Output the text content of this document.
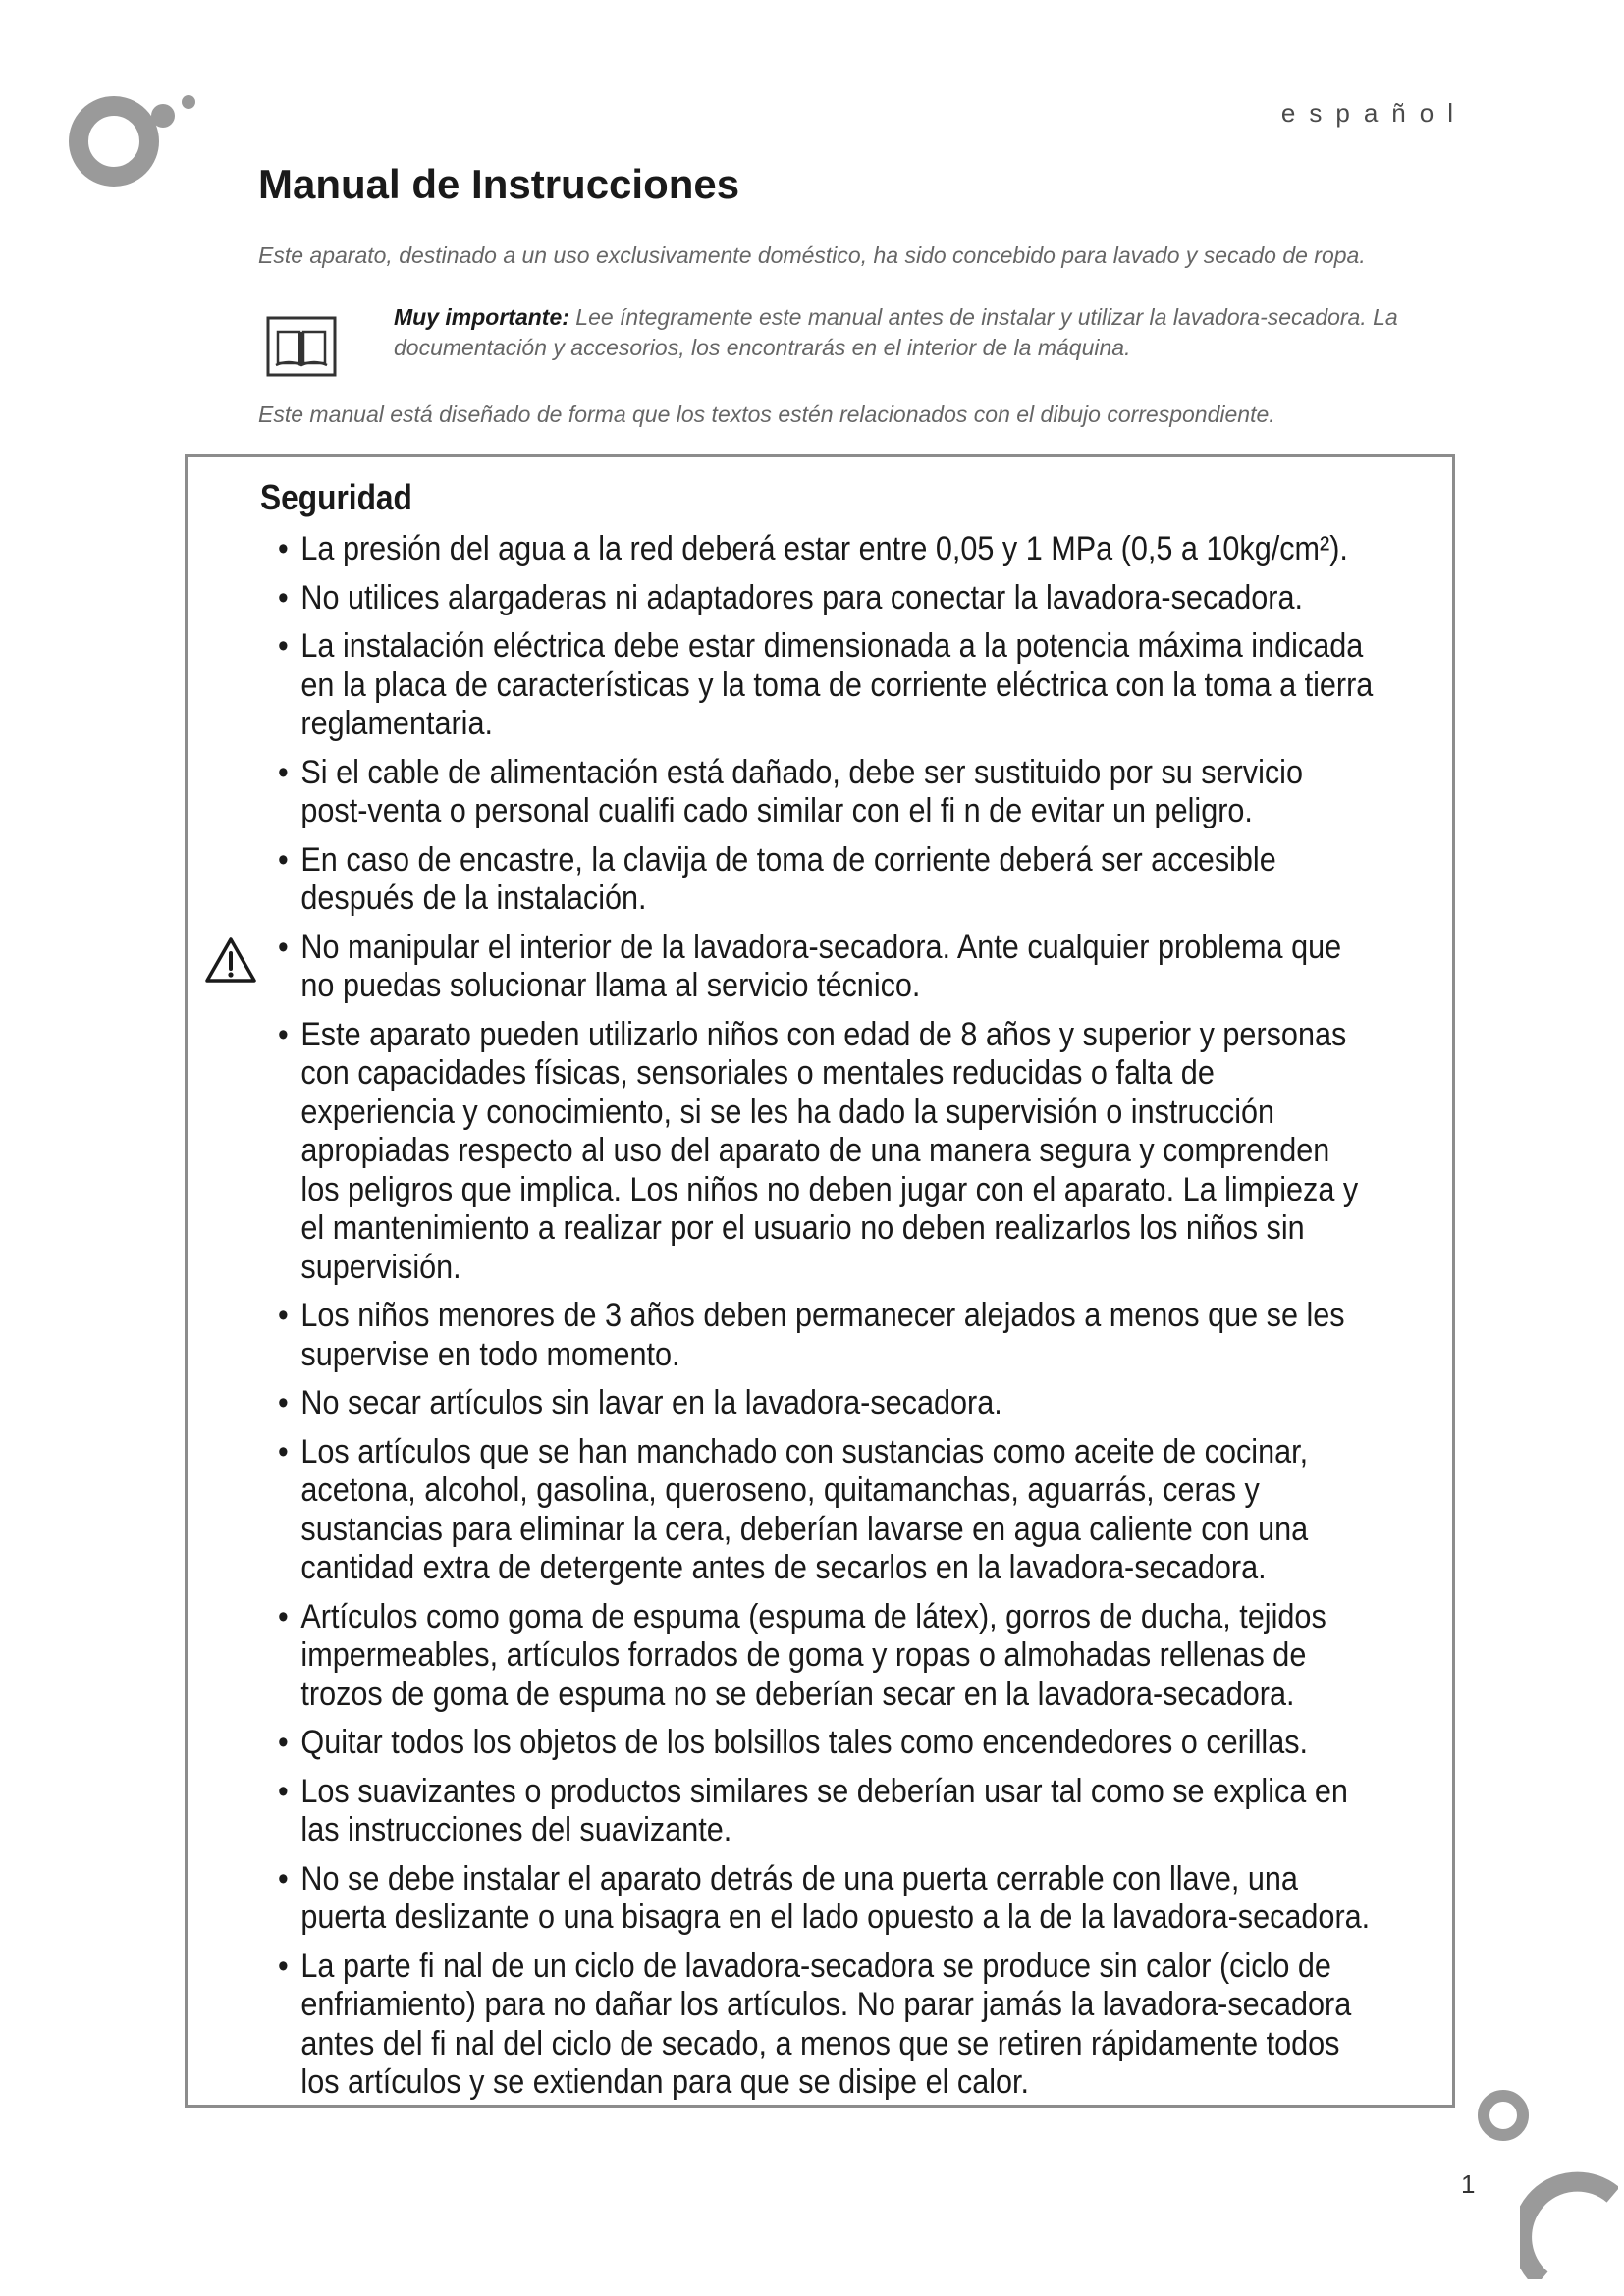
español
Manual de Instrucciones

Este aparato, destinado a un uso exclusivamente doméstico, ha sido concebido para lavado y secado de ropa.

Muy importante: Lee íntegramente este manual antes de instalar y utilizar la lavadora-secadora. La documentación y accesorios, los encontrarás en el interior de la máquina.

Este manual está diseñado de forma que los textos estén relacionados con el dibujo correspondiente.

Seguridad
• La presión del agua a la red deberá estar entre 0,05 y 1 MPa (0,5 a 10kg/cm²).
• No utilices alargaderas ni adaptadores para conectar la lavadora-secadora.
• La instalación eléctrica debe estar dimensionada a la potencia máxima indicada en la placa de características y la toma de corriente eléctrica con la toma a tierra reglamentaria.
• Si el cable de alimentación está dañado, debe ser sustituido por su servicio post-venta o personal cualifi cado similar con el fi n de evitar un peligro.
• En caso de encastre, la clavija de toma de corriente deberá ser accesible después de la instalación.
• No manipular el interior de la lavadora-secadora. Ante cualquier problema que no puedas solucionar llama al servicio técnico.
• Este aparato pueden utilizarlo niños con edad de 8 años y superior y personas con capacidades físicas, sensoriales o mentales reducidas o falta de experiencia y conocimiento, si se les ha dado la supervisión o instrucción apropiadas respecto al uso del aparato de una manera segura y comprenden los peligros que implica. Los niños no deben jugar con el aparato. La limpieza y el mantenimiento a realizar por el usuario no deben realizarlos los niños sin supervisión.
• Los niños menores de 3 años deben permanecer alejados a menos que se les supervise en todo momento.
• No secar artículos sin lavar en la lavadora-secadora.
• Los artículos que se han manchado con sustancias como aceite de cocinar, acetona, alcohol, gasolina, queroseno, quitamanchas, aguarrás, ceras y sustancias para eliminar la cera, deberían lavarse en agua caliente con una cantidad extra de detergente antes de secarlos en la lavadora-secadora.
• Artículos como goma de espuma (espuma de látex), gorros de ducha, tejidos impermeables, artículos forrados de goma y ropas o almohadas rellenas de trozos de goma de espuma no se deberían secar en la lavadora-secadora.
• Quitar todos los objetos de los bolsillos tales como encendedores o cerillas.
• Los suavizantes o productos similares se deberían usar tal como se explica en las instrucciones del suavizante.
• No se debe instalar el aparato detrás de una puerta cerrable con llave, una puerta deslizante o una bisagra en el lado opuesto a la de la lavadora-secadora.
• La parte fi nal de un ciclo de lavadora-secadora se produce sin calor (ciclo de enfriamiento) para no dañar los artículos. No parar jamás la lavadora-secadora antes del fi nal del ciclo de secado, a menos que se retiren rápidamente todos los artículos y se extiendan para que se disipe el calor.
1
